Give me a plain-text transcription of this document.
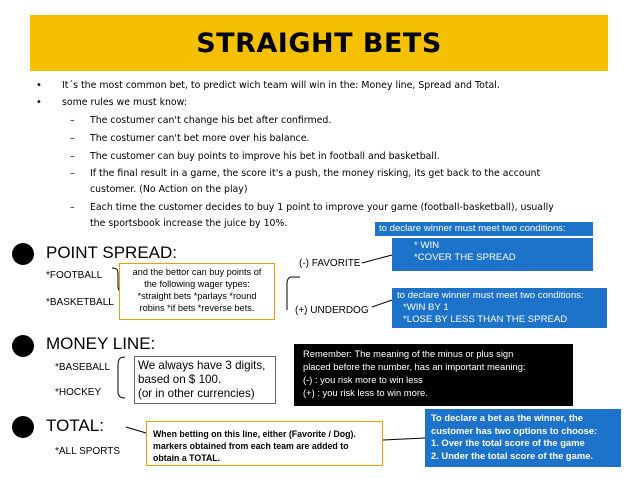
STRAIGHT BETS
• It´s the most common bet, to predict wich team will win in the: Money line, Spread and Total.
• some rules we must know:
– The costumer can't change his bet after confirmed.
– The costumer can't bet more over his balance.
– The customer can buy points to improve his bet in football and basketball.
– If the final result in a game, the score it's a push, the money risking, its get back to the account
customer. (No Action on the play)
– Each time the customer decides to buy 1 point to improve your game (football-basketball), usually
the sportsbook increase the juice by 10%.
POINT SPREAD:
*FOOTBALL
*BASKETBALL
and the bettor can buy points of
the following wager types:
*straight bets *parlays *round
robins *if bets *reverse bets.
(-) FAVORITE
(+) UNDERDOG
to declare winner must meet two conditions:
* WIN
*COVER THE SPREAD
to declare winner must meet two conditions:
*WIN BY 1
*LOSE BY LESS THAN THE SPREAD
MONEY LINE:
*BASEBALL
*HOCKEY
We always have 3 digits,
based on $ 100.
(or in other currencies)
Remember: The meaning of the minus or plus sign
placed before the number, has an important meaning:
(-) : you risk more to win less
(+) : you risk less to win more.
TOTAL:
*ALL SPORTS
When betting on this line, either (Favorite / Dog).
markers obtained from each team are added to
obtain a TOTAL.
To declare a bet as the winner, the
customer has two options to choose:
1. Over the total score of the game
2. Under the total score of the game.
